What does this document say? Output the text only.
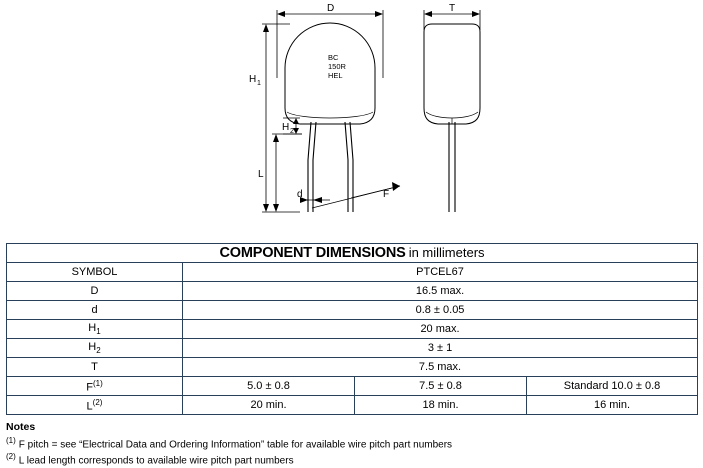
D	T
H 1
H 2
L
d	F
BC
150R
HEL
COMPONENT DIMENSIONS in millimeters			
SYMBOL	PTCEL67		
D	16.5 max.		
d	0.8 ± 0.05		
$H_1$	20 max.		
$H_2$	3 ± 1		
T	7.5 max.		
F$^{(1)}$	5.0 ± 0.8	7.5 ± 0.8	Standard 10.0 ± 0.8
L$^{(2)}$	20 min.	18 min.	16 min.
Notes
$^{(1)}$ F pitch = see “Electrical Data and Ordering Information” table for available wire pitch part numbers
$^{(2)}$ L lead length corresponds to available wire pitch part numbers
